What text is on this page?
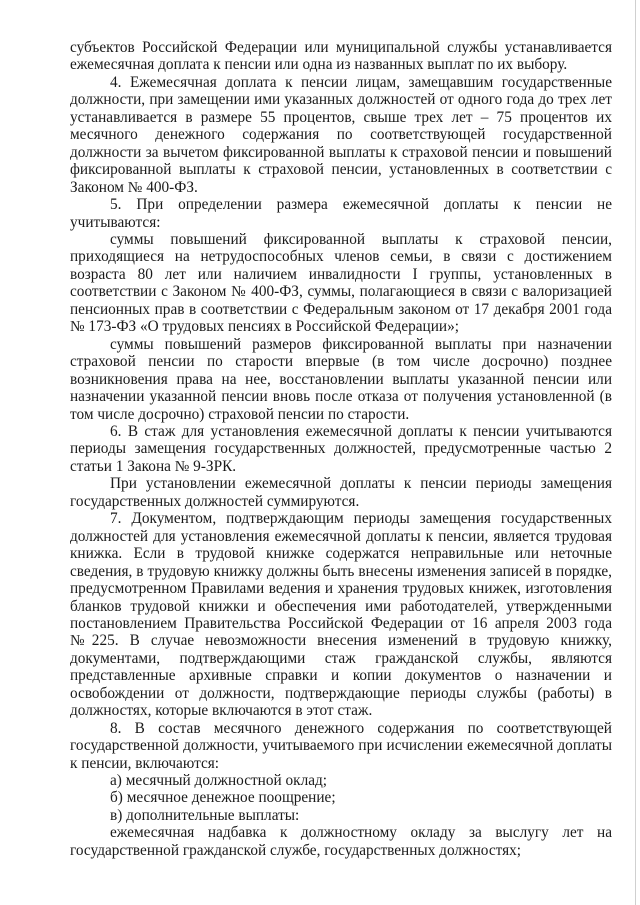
субъектов Российской Федерации или муниципальной службы устанавливается ежемесячная доплата к пенсии или одна из названных выплат по их выбору.

4. Ежемесячная доплата к пенсии лицам, замещавшим государственные должности, при замещении ими указанных должностей от одного года до трех лет устанавливается в размере 55 процентов, свыше трех лет – 75 процентов их месячного денежного содержания по соответствующей государственной должности за вычетом фиксированной выплаты к страховой пенсии и повышений фиксированной выплаты к страховой пенсии, установленных в соответствии с Законом № 400-ФЗ.

5. При определении размера ежемесячной доплаты к пенсии не учитываются:

суммы повышений фиксированной выплаты к страховой пенсии, приходящиеся на нетрудоспособных членов семьи, в связи с достижением возраста 80 лет или наличием инвалидности I группы, установленных в соответствии с Законом № 400-ФЗ, суммы, полагающиеся в связи с валоризацией пенсионных прав в соответствии с Федеральным законом от 17 декабря 2001 года № 173-ФЗ «О трудовых пенсиях в Российской Федерации»;

суммы повышений размеров фиксированной выплаты при назначении страховой пенсии по старости впервые (в том числе досрочно) позднее возникновения права на нее, восстановлении выплаты указанной пенсии или назначении указанной пенсии вновь после отказа от получения установленной (в том числе досрочно) страховой пенсии по старости.

6. В стаж для установления ежемесячной доплаты к пенсии учитываются периоды замещения государственных должностей, предусмотренные частью 2 статьи 1 Закона № 9-ЗРК.

При установлении ежемесячной доплаты к пенсии периоды замещения государственных должностей суммируются.

7. Документом, подтверждающим периоды замещения государственных должностей для установления ежемесячной доплаты к пенсии, является трудовая книжка. Если в трудовой книжке содержатся неправильные или неточные сведения, в трудовую книжку должны быть внесены изменения записей в порядке, предусмотренном Правилами ведения и хранения трудовых книжек, изготовления бланков трудовой книжки и обеспечения ими работодателей, утвержденными постановлением Правительства Российской Федерации от 16 апреля 2003 года №225. В случае невозможности внесения изменений в трудовую книжку, документами, подтверждающими стаж гражданской службы, являются представленные архивные справки и копии документов о назначении и освобождении от должности, подтверждающие периоды службы (работы) в должностях, которые включаются в этот стаж.

8. В состав месячного денежного содержания по соответствующей государственной должности, учитываемого при исчислении ежемесячной доплаты к пенсии, включаются:

а) месячный должностной оклад;

б) месячное денежное поощрение;

в) дополнительные выплаты:

ежемесячная надбавка к должностному окладу за выслугу лет на государственной гражданской службе, государственных должностях;
